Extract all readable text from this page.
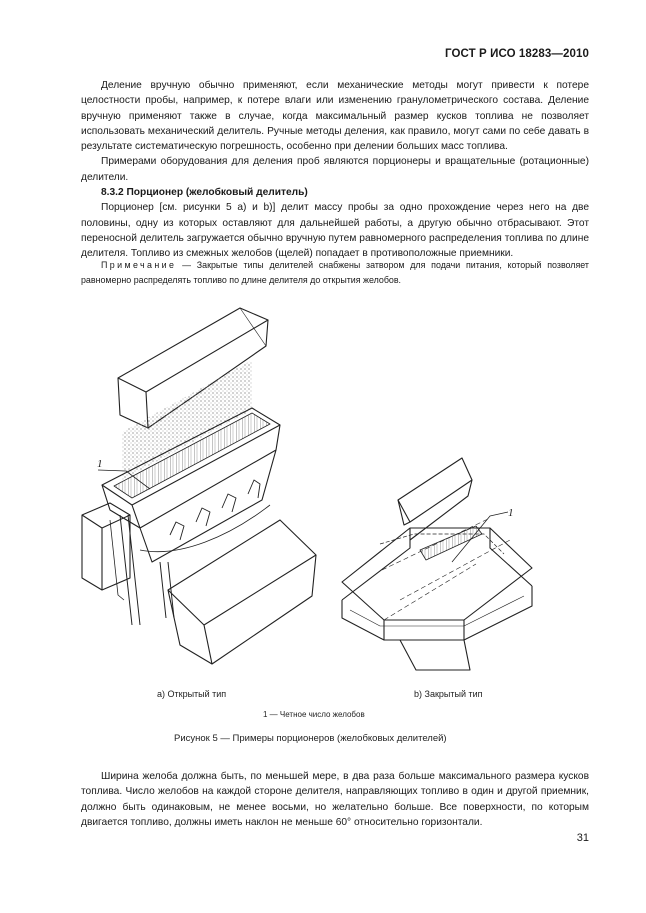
ГОСТ Р ИСО 18283—2010

Деление вручную обычно применяют, если механические методы могут привести к потере целостности пробы, например, к потере влаги или изменению гранулометрического состава. Деление вручную применяют также в случае, когда максимальный размер кусков топлива не позволяет использовать механический делитель. Ручные методы деления, как правило, могут сами по себе давать в результате систематическую погрешность, особенно при делении больших масс топлива.

Примерами оборудования для деления проб являются порционеры и вращательные (ротационные) делители.

8.3.2 Порционер (желобковый делитель)

Порционер [см. рисунки 5 a) и b)] делит массу пробы за одно прохождение через него на две половины, одну из которых оставляют для дальнейшей работы, а другую обычно отбрасывают. Этот переносной делитель загружается обычно вручную путем равномерного распределения топлива по длине делителя. Топливо из смежных желобов (щелей) попадает в противоположные приемники.

Примечание — Закрытые типы делителей снабжены затвором для подачи питания, который позволяет равномерно распределять топливо по длине делителя до открытия желобов.

1
1
a) Открытый тип	b) Закрытый тип
1 — Четное число желобов
Рисунок 5 — Примеры порционеров (желобковых делителей)

Ширина желоба должна быть, по меньшей мере, в два раза больше максимального размера кусков топлива. Число желобов на каждой стороне делителя, направляющих топливо в один и другой приемник, должно быть одинаковым, не менее восьми, но желательно больше. Все поверхности, по которым двигается топливо, должны иметь наклон не меньше 60° относительно горизонтали.

31
